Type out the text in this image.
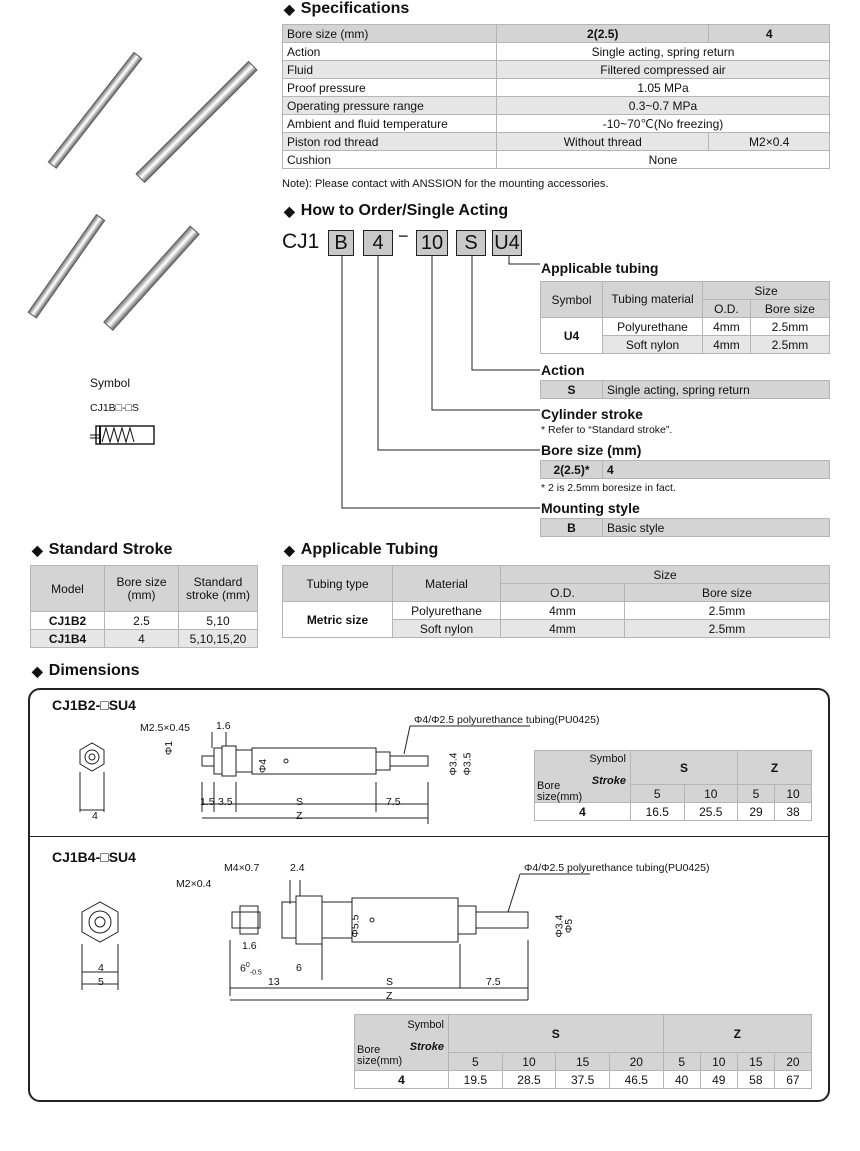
◆ Specifications
Bore size (mm)	2(2.5)	4
Action	Single acting, spring return	
Fluid	Filtered compressed air	
Proof pressure	1.05 MPa	
Operating pressure range	0.3~0.7 MPa	
Ambient and fluid temperature	-10~70℃(No freezing)	
Piston rod thread	Without thread	M2×0.4
Cushion	None	
Note): Please contact with ANSSION for the mounting accessories.
Symbol
CJ1B□-□S
◆ How to Order/Single Acting
CJ1 B	4 − 10	S U4
Applicable tubing
Symbol	Tubing material	Size	
		O.D.	Bore size
U4	Polyurethane	4mm	2.5mm
	Soft nylon	4mm	2.5mm
Action
S	Single acting, spring return
Cylinder stroke
* Refer to “Standard stroke”.
Bore size (mm)
2(2.5)*	4
* 2 is 2.5mm boresize in fact.
Mounting style
B	Basic style
◆ Standard Stroke
Model	Bore size (mm)	Standard stroke (mm)
CJ1B2	2.5	5,10
CJ1B4	4	5,10,15,20
◆ Applicable Tubing
Tubing type	Material	Size	
		O.D.	Bore size
Metric size	Polyurethane	4mm	2.5mm
	Soft nylon	4mm	2.5mm
◆ Dimensions
CJ1B2-□SU4
M2.5×0.45 1.6
Φ1
Φ4	Φ3.4 Φ3.5
Φ4/Φ2.5 polyurethance tubing(PU0425)
1.5 3.5	S	7.5
Z
4
Symbol
Stroke
Bore size(mm)	S		Z	
	5	10	5	10
4	16.5	25.5	29	38
CJ1B4-□SU4
M4×0.7
M2×0.4
2.4
Φ5.5	Φ3.4
Φ5
Φ4/Φ2.5 polyurethance tubing(PU0425)
1.6
$6^0_{-0.5}$	6
13	S	7.5
Z
4
5
Symbol
Stroke
Bore size(mm)	S				Z			
	5	10	15	20	5	10	15	20
4	19.5	28.5	37.5	46.5	40	49	58	67
